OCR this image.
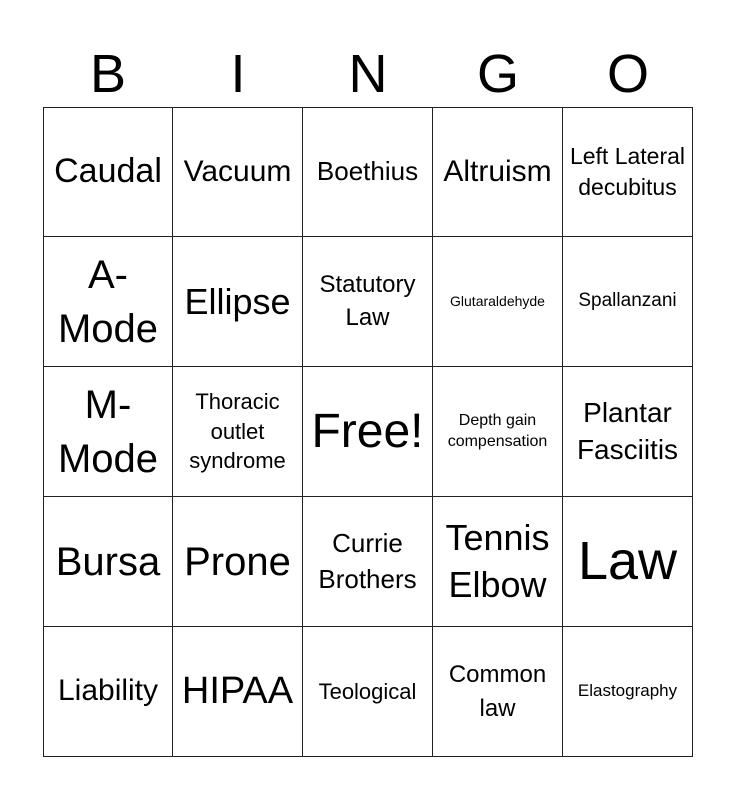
B	I	N	G	O
Caudal Vacuum Boethius Altruism Left Lateral decubitus
A-Mode
Ellipse	Statutory Law
Glutaraldehyde Spallanzani
M-Mode
Thoracic outlet syndrome
Free!	Depth gain compensation
Plantar Fasciitis
Bursa Prone	Currie Brothers
Tennis Elbow Law
Liability HIPAA Teological
Common law
Elastography
